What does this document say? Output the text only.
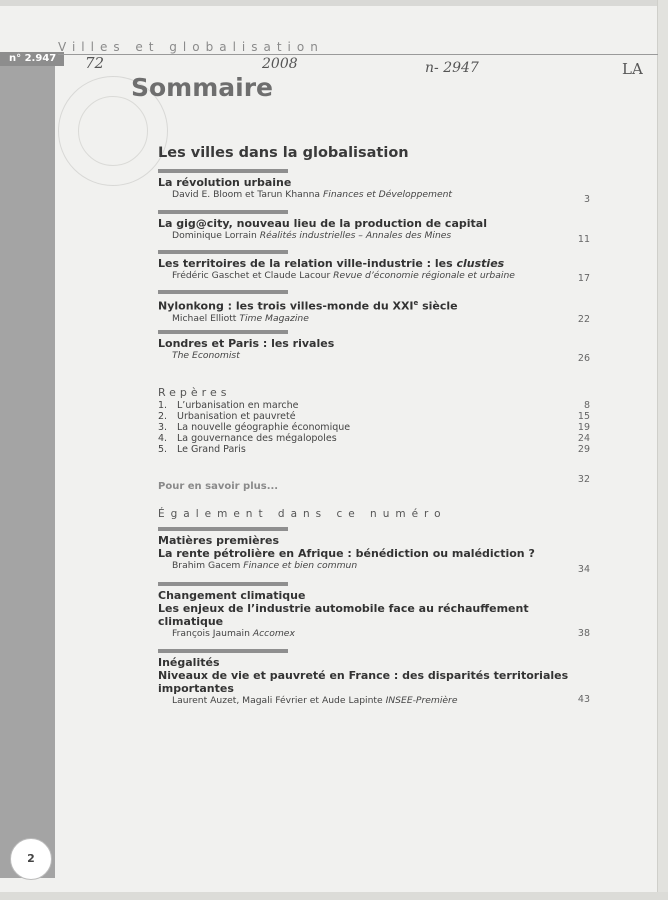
n° 2.947
Villes et globalisation
72	2008	n- 2947	LA
Sommaire
Les villes dans la globalisation
La révolution urbaine
David E. Bloom et Tarun Khanna Finances et Développement	3
La gig@city, nouveau lieu de la production de capital
Dominique Lorrain Réalités industrielles – Annales des Mines	11
Les territoires de la relation ville-industrie : les clusties
Frédéric Gaschet et Claude Lacour Revue d’économie régionale et urbaine	17
Nylonkong : les trois villes-monde du XXIe siècle
Michael Elliott Time Magazine	22
Londres et Paris : les rivales
The Economist	26
Repères
1. L’urbanisation en marche	8
2. Urbanisation et pauvreté	15
3. La nouvelle géographie économique	19
4. La gouvernance des mégalopoles	24
5. Le Grand Paris	29
Pour en savoir plus...
32
Également dans ce numéro
Matières premières
La rente pétrolière en Afrique : bénédiction ou malédiction ?
Brahim Gacem Finance et bien commun	34
Changement climatique
Les enjeux de l’industrie automobile face au réchauffement climatique
François Jaumain Accomex	38
Inégalités
Niveaux de vie et pauvreté en France : des disparités territoriales importantes
Laurent Auzet, Magali Février et Aude Lapinte INSEE-Première	43
2
